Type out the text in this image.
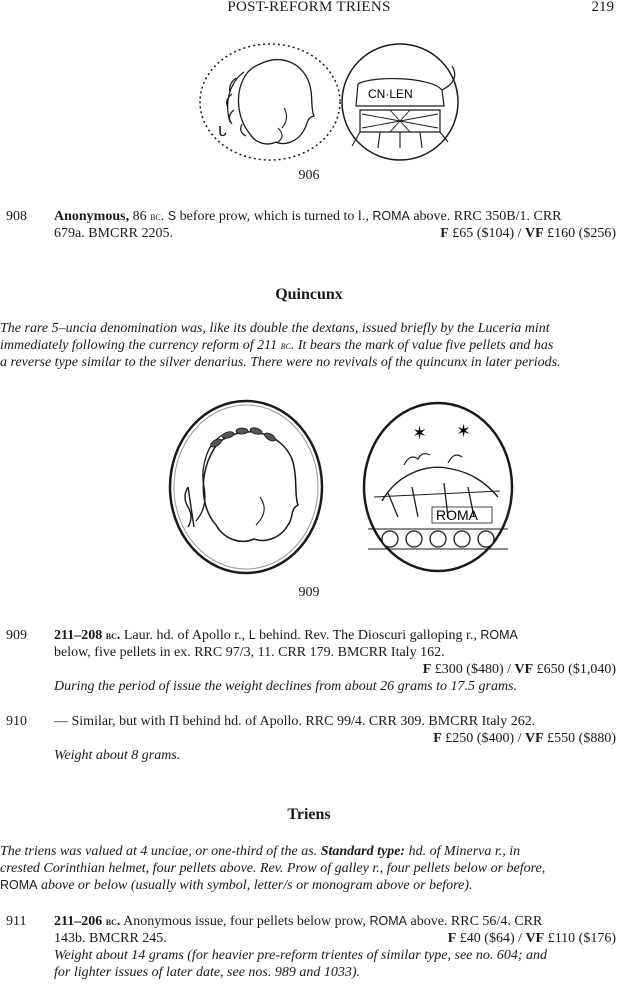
POST-REFORM TRIENS	219
ᒐ
CN·LEN
906
908	Anonymous, 86 bc. S before prow, which is turned to l., ROMA above. RRC 350B/1. CRR
679a. BMCRR 2205.	F £65 ($104) / VF £160 ($256)
Quincunx
The rare 5–uncia denomination was, like its double the dextans, issued briefly by the Luceria mint
immediately following the currency reform of 211 bc. It bears the mark of value five pellets and has
a reverse type similar to the silver denarius. There were no revivals of the quincunx in later periods.
✶ ✶
ROMA
909
909	211–208 bc. Laur. hd. of Apollo r., L behind. Rev. The Dioscuri galloping r., ROMA
below, five pellets in ex. RRC 97/3, 11. CRR 179. BMCRR Italy 162.
F £300 ($480) / VF £650 ($1,040)
During the period of issue the weight declines from about 26 grams to 17.5 grams.
910	— Similar, but with Π behind hd. of Apollo. RRC 99/4. CRR 309. BMCRR Italy 262.
F £250 ($400) / VF £550 ($880)
Weight about 8 grams.
Triens
The triens was valued at 4 unciae, or one-third of the as. Standard type: hd. of Minerva r., in
crested Corinthian helmet, four pellets above. Rev. Prow of galley r., four pellets below or before,
ROMA above or below (usually with symbol, letter/s or monogram above or before).
911	211–206 bc. Anonymous issue, four pellets below prow, ROMA above. RRC 56/4. CRR
143b. BMCRR 245.	F £40 ($64) / VF £110 ($176)
Weight about 14 grams (for heavier pre-reform trientes of similar type, see no. 604; and
for lighter issues of later date, see nos. 989 and 1033).
